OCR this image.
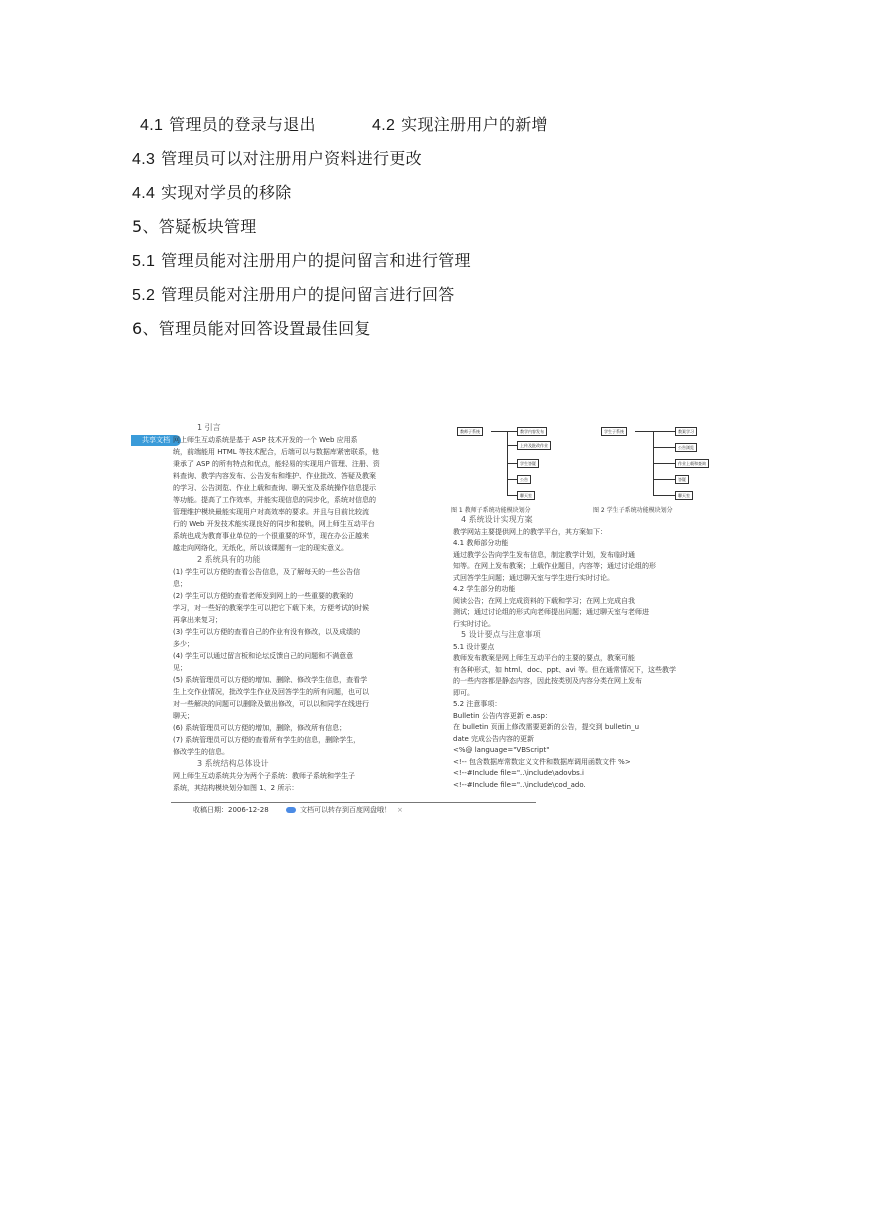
4.1 管理员的登录与退出	4.2 实现注册用户的新增
4.3 管理员可以对注册用户资料进行更改
4.4 实现对学员的移除
5、答疑板块管理
5.1 管理员能对注册用户的提问留言和进行管理
5.2 管理员能对注册用户的提问留言进行回答
6、管理员能对回答设置最佳回复
共享文档
1 引言
网上师生互动系统是基于 ASP 技术开发的一个 Web 应用系
统，前端能用 HTML 等技术配合，后端可以与数据库紧密联系，他
秉承了 ASP 的所有特点和优点，能轻易的实现用户管理、注册、资
料查询、教学内容发布、公告发布和维护、作业批改、答疑及教案
的学习、公告浏览、作业上载和查询、聊天室及系统操作信息提示
等功能。提高了工作效率，并能实现信息的同步化，系统对信息的
管理维护模块最能实现用户对高效率的要求。并且与目前比较流
行的 Web 开发技术能实现良好的同步和接轨，网上师生互动平台
系统也成为教育事业单位的一个很重要的环节，现在办公正越来
越走向网络化，无纸化，所以该课题有一定的现实意义。
2 系统具有的功能
(1) 学生可以方便的查看公告信息，及了解每天的一些公告信
息；
(2) 学生可以方便的查看老师发到网上的一些重要的教案的
学习，对一些好的教案学生可以把它下载下来，方便考试的时候
再拿出来复习；
(3) 学生可以方便的查看自己的作业有没有修改，以及成绩的
多少；
(4) 学生可以通过留言板和论坛反馈自己的问题和不满意意
见；
(5) 系统管理员可以方便的增加、删除、修改学生信息，查看学
生上交作业情况，批改学生作业及回答学生的所有问题，也可以
对一些解决的问题可以删除及做出修改，可以以和同学在线进行
聊天；
(6) 系统管理员可以方便的增加，删除，修改所有信息；
(7) 系统管理员可以方便的查看所有学生的信息，删除学生，
修改学生的信息。
3 系统结构总体设计
网上师生互动系统共分为两个子系统：教师子系统和学生子
系统，其结构模块划分如图 1、2 所示：
教师子系统	教学内容发布
上传及批改作业
学生答疑
公告
聊天室
图 1 教师子系统功能模块划分
学生子系统	教案学习
公告浏览
作业上载和查询
答疑
聊天室
图 2 学生子系统功能模块划分
4 系统设计实现方案
教学网站主要提供网上的教学平台，其方案如下：
4.1 教师部分功能
通过教学公告向学生发布信息，制定教学计划，发布临时通
知等。在网上发布教案；上载作业题目，内容等；通过讨论组的形
式回答学生问题；通过聊天室与学生进行实时讨论。
4.2 学生部分的功能
阅读公告；在网上完成资料的下载和学习；在网上完成自我
测试；通过讨论组的形式向老师提出问题；通过聊天室与老师进
行实时讨论。
5 设计要点与注意事项
5.1 设计要点
教师发布教案是网上师生互动平台的主要的要点，教案可能
有各种形式，如 html、doc、ppt、avi 等。但在通常情况下，这些教学
的一些内容都是静态内容，因此按类别及内容分类在网上发布
即可。
5.2 注意事项：
Bulletin 公告内容更新 e.asp：
在 bulletin 页面上修改需要更新的公告，提交到 bulletin_u
date 完成公告内容的更新
<%@ language="VBScript"
<!-- 包含数据库常数定义文件和数据库调用函数文件 %>
<!--#Include file="..\include\adovbs.i
<!--#Include file="..\include\cod_ado.
收稿日期：2006-12-28	文档可以转存到百度网盘哦！ ×
